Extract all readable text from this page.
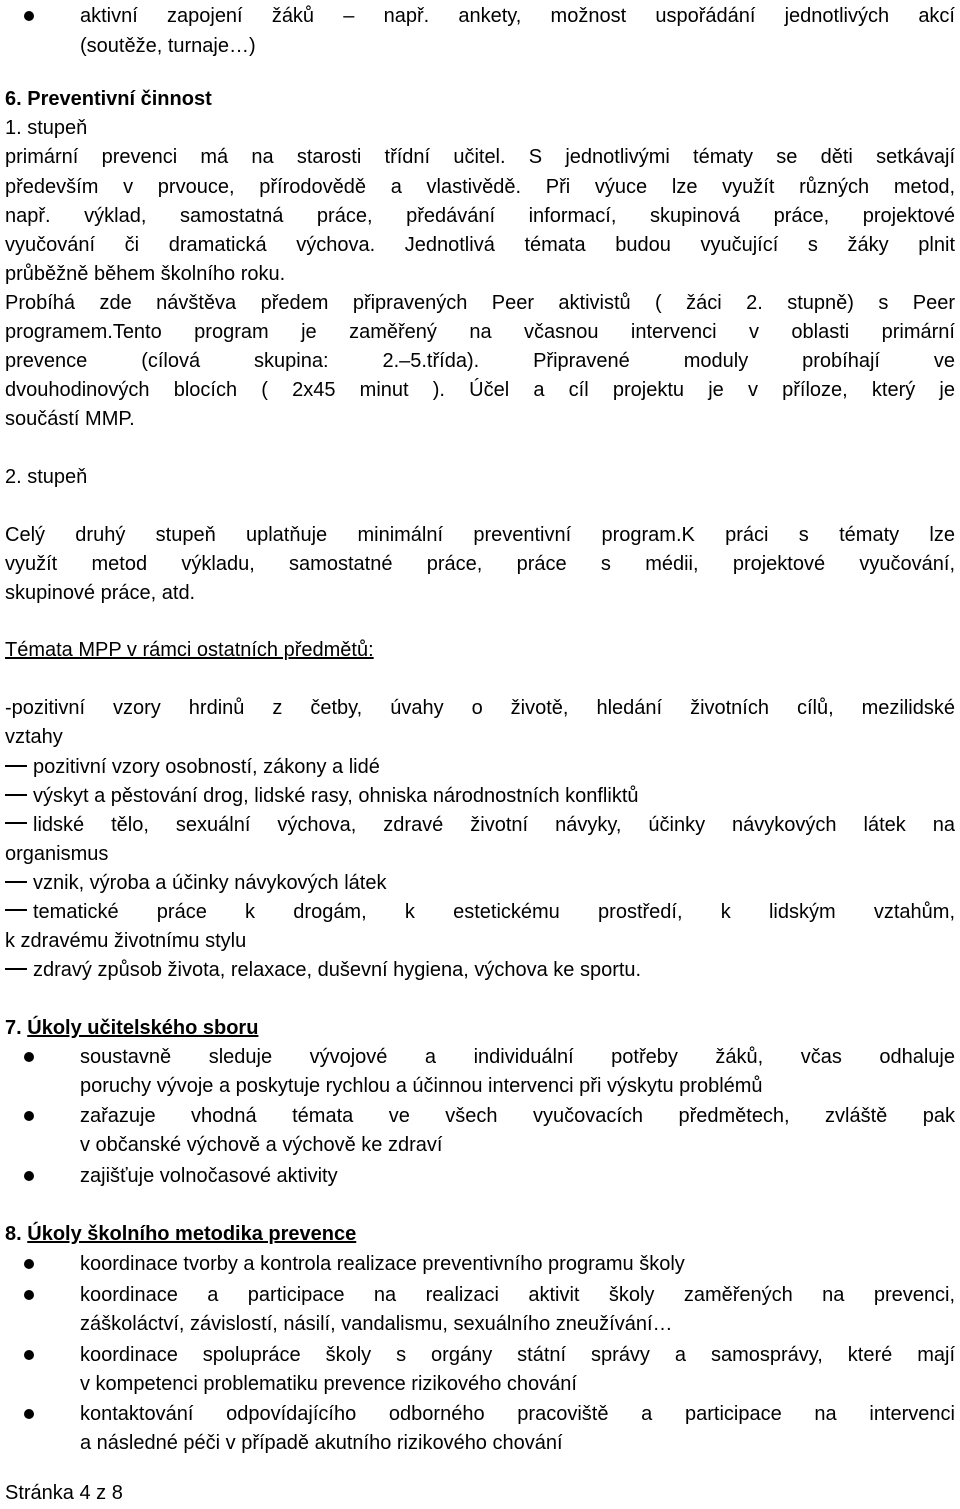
aktivní zapojení žáků – např. ankety, možnost uspořádání jednotlivých akcí
(soutěže, turnaje…)
6. Preventivní činnost
1. stupeň
primární prevenci má na starosti třídní učitel. S jednotlivými tématy se děti setkávají
především v prvouce, přírodovědě a vlastivědě. Při výuce lze využít různých metod,
např. výklad, samostatná práce, předávání informací, skupinová práce, projektové
vyučování či dramatická výchova. Jednotlivá témata budou vyučující s žáky plnit
průběžně během školního roku.
Probíhá zde návštěva předem připravených Peer aktivistů ( žáci 2. stupně) s Peer
programem.Tento program je zaměřený na včasnou intervenci v oblasti primární
prevence (cílová skupina: 2.–5.třída). Připravené moduly probíhají ve
dvouhodinových blocích ( 2x45 minut ). Účel a cíl projektu je v příloze, který je
součástí MMP.
2. stupeň
Celý druhý stupeň uplatňuje minimální preventivní program.K práci s tématy lze
využít metod výkladu, samostatné práce, práce s médii, projektové vyučování,
skupinové práce, atd.
Témata MPP v rámci ostatních předmětů:
-pozitivní vzory hrdinů z četby, úvahy o životě, hledání životních cílů, mezilidské
vztahy
pozitivní vzory osobností, zákony a lidé
výskyt a pěstování drog, lidské rasy, ohniska národnostních konfliktů
lidské tělo, sexuální výchova, zdravé životní návyky, účinky návykových látek na
organismus
vznik, výroba a účinky návykových látek
tematické práce k drogám, k estetickému prostředí, k lidským vztahům,
k zdravému životnímu stylu
zdravý způsob života, relaxace, duševní hygiena, výchova ke sportu.
7. Úkoly učitelského sboru
soustavně sleduje vývojové a individuální potřeby žáků, včas odhaluje
poruchy vývoje a poskytuje rychlou a účinnou intervenci při výskytu problémů
zařazuje vhodná témata ve všech vyučovacích předmětech, zvláště pak
v občanské výchově a výchově ke zdraví
zajišťuje volnočasové aktivity
8. Úkoly školního metodika prevence
koordinace tvorby a kontrola realizace preventivního programu školy
koordinace a participace na realizaci aktivit školy zaměřených na prevenci,
záškoláctví, závislostí, násilí, vandalismu, sexuálního zneužívání…
koordinace spolupráce školy s orgány státní správy a samosprávy, které mají
v kompetenci problematiku prevence rizikového chování
kontaktování odpovídajícího odborného pracoviště a participace na intervenci
a následné péči v případě akutního rizikového chování
Stránka 4 z 8
